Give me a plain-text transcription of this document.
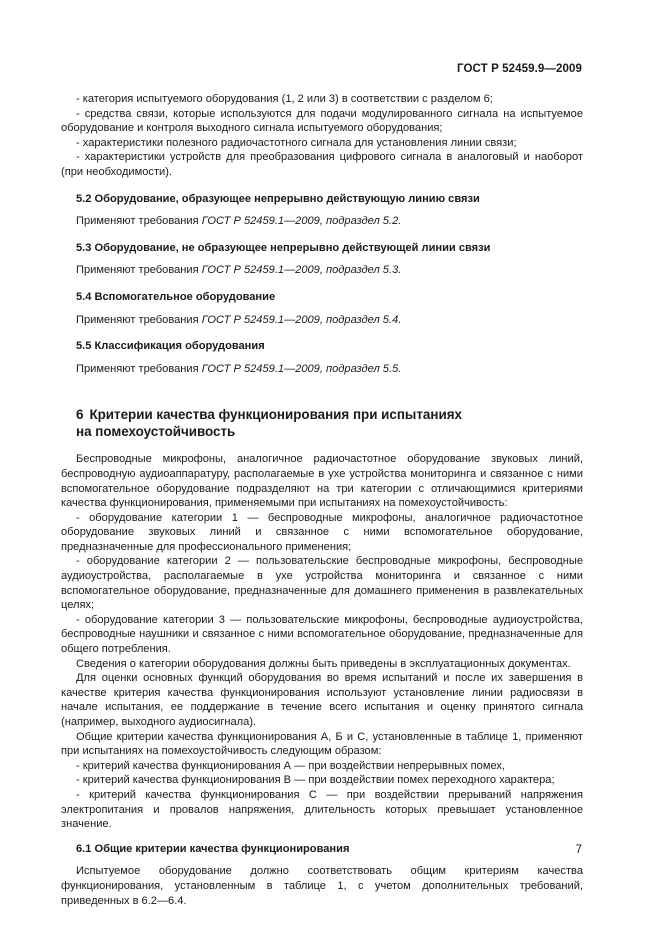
ГОСТ Р 52459.9—2009

- категория испытуемого оборудования (1, 2 или 3) в соответствии с разделом 6;

- средства связи, которые используются для подачи модулированного сигнала на испытуемое оборудование и контроля выходного сигнала испытуемого оборудования;

- характеристики полезного радиочастотного сигнала для установления линии связи;

- характеристики устройств для преобразования цифрового сигнала в аналоговый и наоборот (при необходимости).

5.2 Оборудование, образующее непрерывно действующую линию связи

Применяют требования ГОСТ Р 52459.1—2009, подраздел 5.2.

5.3 Оборудование, не образующее непрерывно действующей линии связи

Применяют требования ГОСТ Р 52459.1—2009, подраздел 5.3.

5.4 Вспомогательное оборудование

Применяют требования ГОСТ Р 52459.1—2009, подраздел 5.4.

5.5 Классификация оборудования

Применяют требования ГОСТ Р 52459.1—2009, подраздел 5.5.

6 Критерии качества функционирования при испытаниях
на помехоустойчивость

Беспроводные микрофоны, аналогичное радиочастотное оборудование звуковых линий, беспроводную аудиоаппаратуру, располагаемые в ухе устройства мониторинга и связанное с ними вспомогательное оборудование подразделяют на три категории с отличающимися критериями качества функционирования, применяемыми при испытаниях на помехоустойчивость:

- оборудование категории 1 — беспроводные микрофоны, аналогичное радиочастотное оборудование звуковых линий и связанное с ними вспомогательное оборудование, предназначенные для профессионального применения;

- оборудование категории 2 — пользовательские беспроводные микрофоны, беспроводные аудиоустройства, располагаемые в ухе устройства мониторинга и связанное с ними вспомогательное оборудование, предназначенные для домашнего применения в развлекательных целях;

- оборудование категории 3 — пользовательские микрофоны, беспроводные аудиоустройства, беспроводные наушники и связанное с ними вспомогательное оборудование, предназначенные для общего потребления.

Сведения о категории оборудования должны быть приведены в эксплуатационных документах.

Для оценки основных функций оборудования во время испытаний и после их завершения в качестве критерия качества функционирования используют установление линии радиосвязи в начале испытания, ее поддержание в течение всего испытания и оценку принятого сигнала (например, выходного аудиосигнала).

Общие критерии качества функционирования А, Б и С, установленные в таблице 1, применяют при испытаниях на помехоустойчивость следующим образом:

- критерий качества функционирования А — при воздействии непрерывных помех,

- критерий качества функционирования В — при воздействии помех переходного характера;

- критерий качества функционирования С — при воздействии прерываний напряжения электропитания и провалов напряжения, длительность которых превышает установленное значение.

6.1 Общие критерии качества функционирования

Испытуемое оборудование должно соответствовать общим критериям качества функционирования, установленным в таблице 1, с учетом дополнительных требований, приведенных в 6.2—6.4.

7
